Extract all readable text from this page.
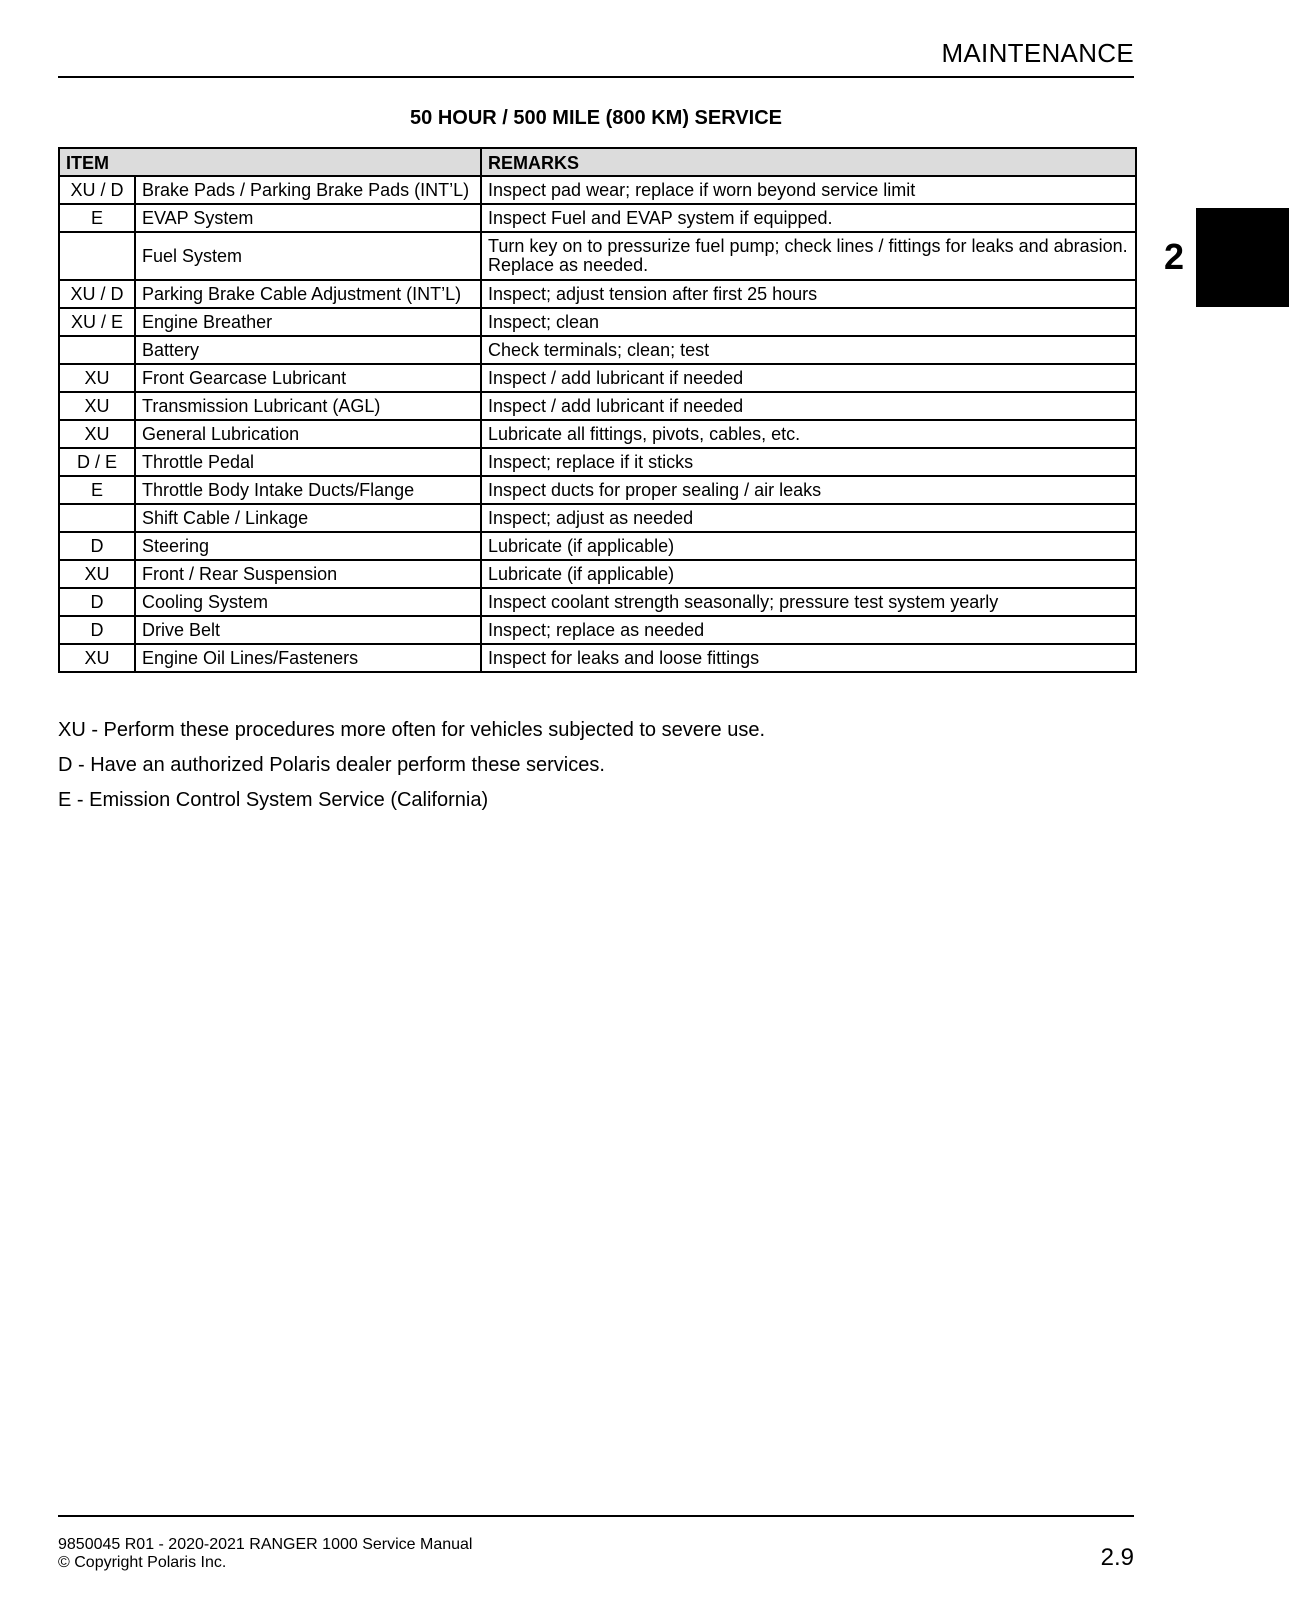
MAINTENANCE
2
50 HOUR / 500 MILE (800 KM) SERVICE
ITEM		REMARKS
XU / D	Brake Pads / Parking Brake Pads (INT’L)	Inspect pad wear; replace if worn beyond service limit
E	EVAP System	Inspect Fuel and EVAP system if equipped.
	Fuel System	Turn key on to pressurize fuel pump; check lines / fittings for leaks and abrasion. Replace as needed.
XU / D	Parking Brake Cable Adjustment (INT’L)	Inspect; adjust tension after first 25 hours
XU / E	Engine Breather	Inspect; clean
	Battery	Check terminals; clean; test
XU	Front Gearcase Lubricant	Inspect / add lubricant if needed
XU	Transmission Lubricant (AGL)	Inspect / add lubricant if needed
XU	General Lubrication	Lubricate all fittings, pivots, cables, etc.
D / E	Throttle Pedal	Inspect; replace if it sticks
E	Throttle Body Intake Ducts/Flange	Inspect ducts for proper sealing / air leaks
	Shift Cable / Linkage	Inspect; adjust as needed
D	Steering	Lubricate (if applicable)
XU	Front / Rear Suspension	Lubricate (if applicable)
D	Cooling System	Inspect coolant strength seasonally; pressure test system yearly
D	Drive Belt	Inspect; replace as needed
XU	Engine Oil Lines/Fasteners	Inspect for leaks and loose fittings

XU - Perform these procedures more often for vehicles subjected to severe use.

D - Have an authorized Polaris dealer perform these services.

E - Emission Control System Service (California)

9850045 R01 - 2020-2021 RANGER 1000 Service Manual
© Copyright Polaris Inc.	2.9
